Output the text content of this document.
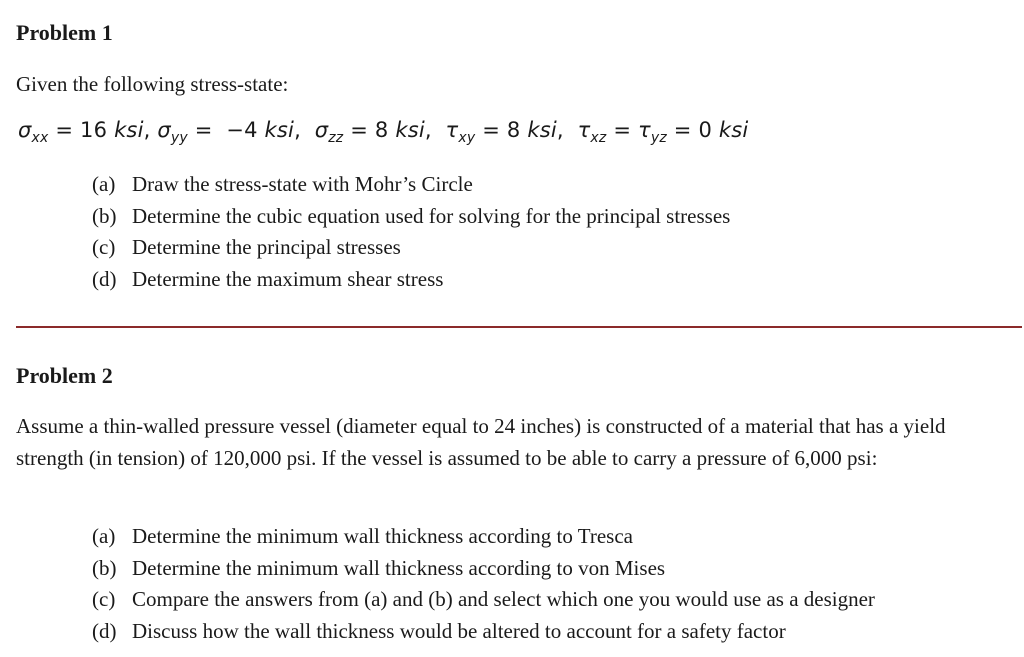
Problem 1
Given the following stress-state:
$\sigma_{xx} = 16$ ksi, $\sigma_{yy} = -4$ ksi,  $\sigma_{zz} = 8$ ksi,  $\tau_{xy} = 8$ ksi,  $\tau_{xz} = \tau_{yz} = 0$ ksi
(a) Draw the stress-state with Mohr’s Circle
(b) Determine the cubic equation used for solving for the principal stresses
(c) Determine the principal stresses
(d) Determine the maximum shear stress
Problem 2
Assume a thin-walled pressure vessel (diameter equal to 24 inches) is constructed of a material that has a yield strength (in tension) of 120,000 psi. If the vessel is assumed to be able to carry a pressure of 6,000 psi:
(a) Determine the minimum wall thickness according to Tresca
(b) Determine the minimum wall thickness according to von Mises
(c) Compare the answers from (a) and (b) and select which one you would use as a designer
(d) Discuss how the wall thickness would be altered to account for a safety factor
